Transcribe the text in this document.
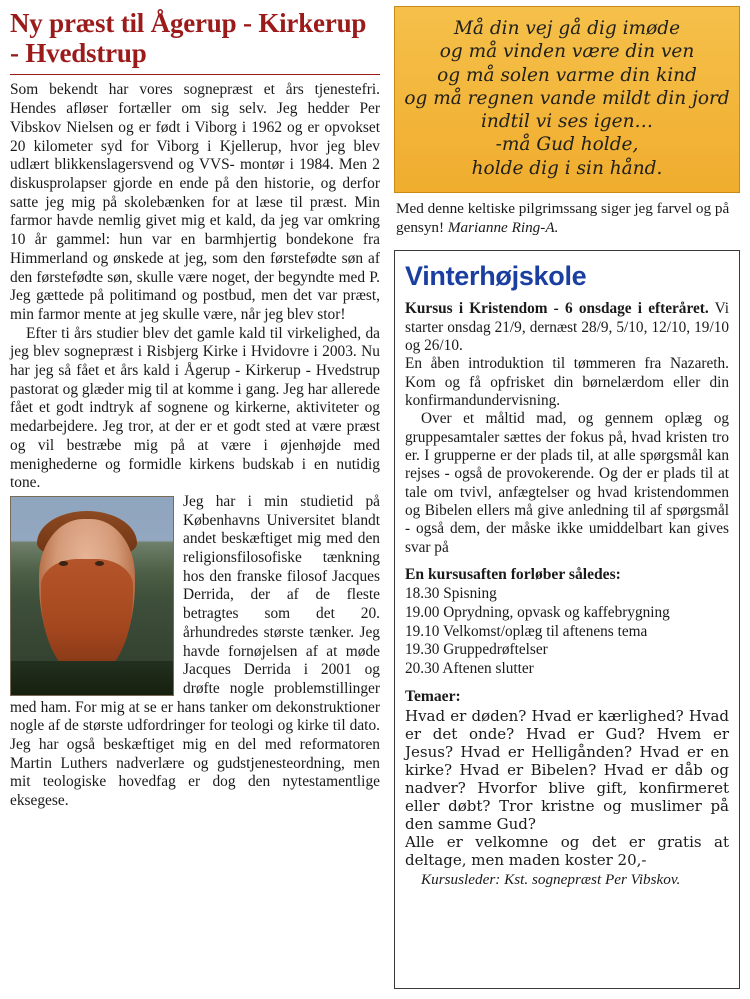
Ny præst til Ågerup - Kirkerup - Hvedstrup

Som bekendt har vores sognepræst et års tjenestefri. Hendes afløser fortæller om sig selv. Jeg hedder Per Vibskov Nielsen og er født i Viborg i 1962 og er opvokset 20 kilometer syd for Viborg i Kjellerup, hvor jeg blev udlært blikkenslagersvend og VVS- montør i 1984. Men 2 diskusprolapser gjorde en ende på den historie, og derfor satte jeg mig på skolebænken for at læse til præst. Min farmor havde nemlig givet mig et kald, da jeg var omkring 10 år gammel: hun var en barmhjertig bondekone fra Himmerland og ønskede at jeg, som den førstefødte søn af den førstefødte søn, skulle være noget, der begyndte med P. Jeg gættede på politimand og postbud, men det var præst, min farmor mente at jeg skulle være, når jeg blev stor!

Efter ti års studier blev det gamle kald til virkelighed, da jeg blev sognepræst i Risbjerg Kirke i Hvidovre i 2003. Nu har jeg så fået et års kald i Ågerup - Kirkerup - Hvedstrup pastorat og glæder mig til at komme i gang. Jeg har allerede fået et godt indtryk af sognene og kirkerne, aktiviteter og medarbejdere. Jeg tror, at der er et godt sted at være præst og vil bestræbe mig på at være i øjenhøjde med menighederne og formidle kirkens budskab i en nutidig tone.

Jeg har i min studietid på Københavns Universitet blandt andet beskæftiget mig med den religionsfilosofiske tænkning hos den franske filosof Jacques Derrida, der af de fleste betragtes som det 20. århundredes største tænker. Jeg havde fornøjelsen af at møde Jacques Derrida i 2001 og drøfte nogle problemstillinger med ham. For mig at se er hans tanker om dekonstruktioner nogle af de største udfordringer for teologi og kirke til dato. Jeg har også beskæftiget mig en del med reformatoren Martin Luthers nadverlære og gudstjenesteordning, men mit teologiske hovedfag er dog den nytestamentlige eksegese.

Må din vej gå dig imøde
og må vinden være din ven
og må solen varme din kind
og må regnen vande mildt din jord
indtil vi ses igen…
-må Gud holde,
holde dig i sin hånd.
Med denne keltiske pilgrimssang siger jeg farvel og på gensyn! Marianne Ring-A.
Vinterhøjskole
Kursus i Kristendom - 6 onsdage i efteråret. Vi starter onsdag 21/9, dernæst 28/9, 5/10, 12/10, 19/10 og 26/10.

En åben introduktion til tømmeren fra Nazareth. Kom og få opfrisket din børnelærdom eller din konfirmandundervisning.

Over et måltid mad, og gennem oplæg og gruppesamtaler sættes der fokus på, hvad kristen tro er. I grupperne er der plads til, at alle spørgsmål kan rejses - også de provokerende. Og der er plads til at tale om tvivl, anfægtelser og hvad kristendommen og Bibelen ellers må give anledning til af spørgsmål - også dem, der måske ikke umiddelbart kan gives svar på

En kursusaften forløber således:
18.30 Spisning
19.00 Oprydning, opvask og kaffebrygning
19.10 Velkomst/oplæg til aftenens tema
19.30 Gruppedrøftelser
20.30 Aftenen slutter
Temaer:

Hvad er døden? Hvad er kærlighed? Hvad er det onde? Hvad er Gud? Hvem er Jesus? Hvad er Helligånden? Hvad er en kirke? Hvad er Bibelen? Hvad er dåb og nadver? Hvorfor blive gift, konfirmeret eller døbt? Tror kristne og muslimer på den samme Gud?

Alle er velkomne og det er gratis at deltage, men maden koster 20,-

Kursusleder: Kst. sognepræst Per Vibskov.
